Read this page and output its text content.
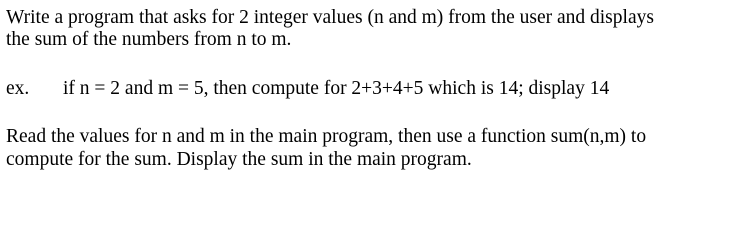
Write a program that asks for 2 integer values (n and m) from the user and displays
the sum of the numbers from n to m.
ex. if n = 2 and m = 5, then compute for 2+3+4+5 which is 14; display 14
Read the values for n and m in the main program, then use a function sum(n,m) to
compute for the sum. Display the sum in the main program.
